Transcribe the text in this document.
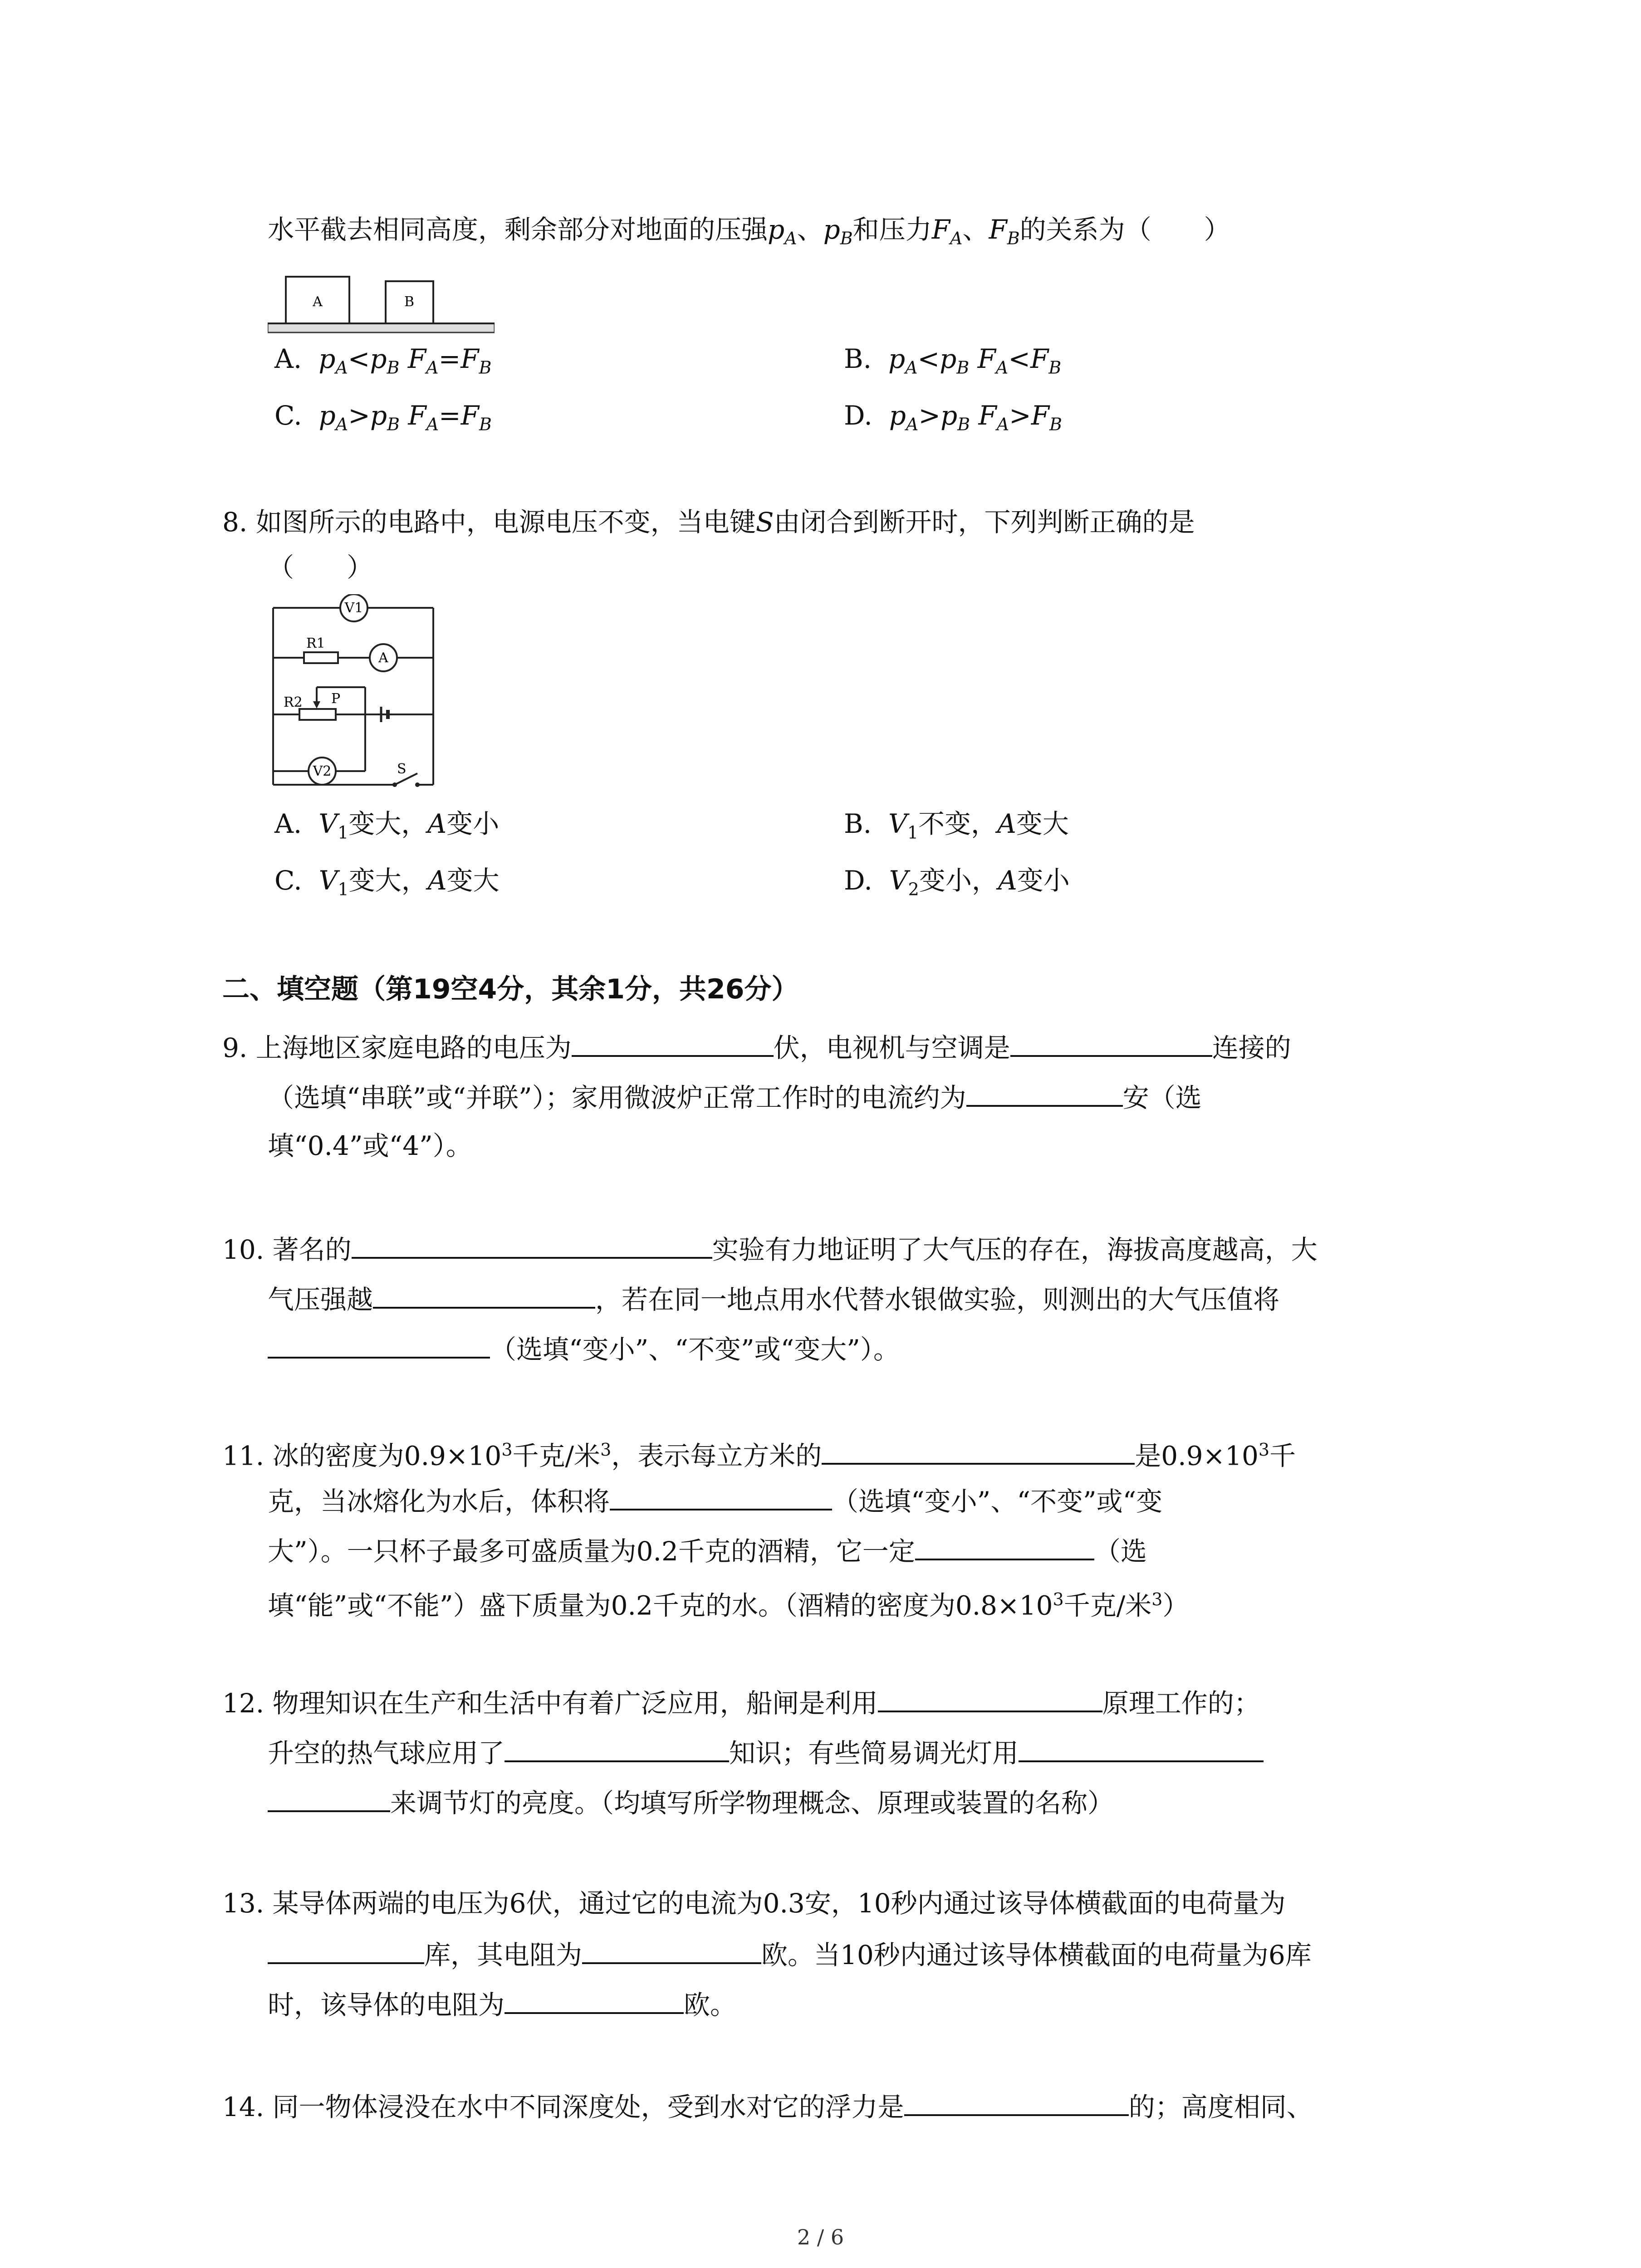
水平截去相同高度，剩余部分对地面的压强$p_A$、$p_B$和压力$F_A$、$F_B$的关系为（　　）
A	B
A. $p_A<p_B$ $F_A=F_B$	B. $p_A<p_B$ $F_A<F_B$
C. $p_A>p_B$ $F_A=F_B$	D. $p_A>p_B$ $F_A>F_B$
8. 如图所示的电路中，电源电压不变，当电键S由闭合到断开时，下列判断正确的是
（　　）
V1
A
R1
R2 P
V2	S
A. $V_1$变大，A变小	B. $V_1$不变，A变大
C. $V_1$变大，A变大	D. $V_2$变小，A变小
二、填空题（第19空4分，其余1分，共26分）
9. 上海地区家庭电路的电压为	伏，电视机与空调是	连接的
（选填“串联”或“并联”）；家用微波炉正常工作时的电流约为	安（选
填“0.4”或“4”）。
10. 著名的	实验有力地证明了大气压的存在，海拔高度越高，大
气压强越	，若在同一地点用水代替水银做实验，则测出的大气压值将
（选填“变小”、“不变”或“变大”）。
11. 冰的密度为$0.9\times 10^3$千克/米$^3$，表示每立方米的	是$0.9\times 10^3$千
克，当冰熔化为水后，体积将	（选填“变小”、“不变”或“变
大”）。一只杯子最多可盛质量为0.2千克的酒精，它一定	（选
填“能”或“不能”）盛下质量为0.2千克的水。（酒精的密度为$0.8\times 10^3$千克/米$^3$）
12. 物理知识在生产和生活中有着广泛应用，船闸是利用	原理工作的；
升空的热气球应用了	知识；有些简易调光灯用
来调节灯的亮度。（均填写所学物理概念、原理或装置的名称）
13. 某导体两端的电压为6伏，通过它的电流为0.3安，10秒内通过该导体横截面的电荷量为
库，其电阻为	欧。当10秒内通过该导体横截面的电荷量为6库
时，该导体的电阻为	欧。
14. 同一物体浸没在水中不同深度处，受到水对它的浮力是	的；高度相同、
2 / 6
